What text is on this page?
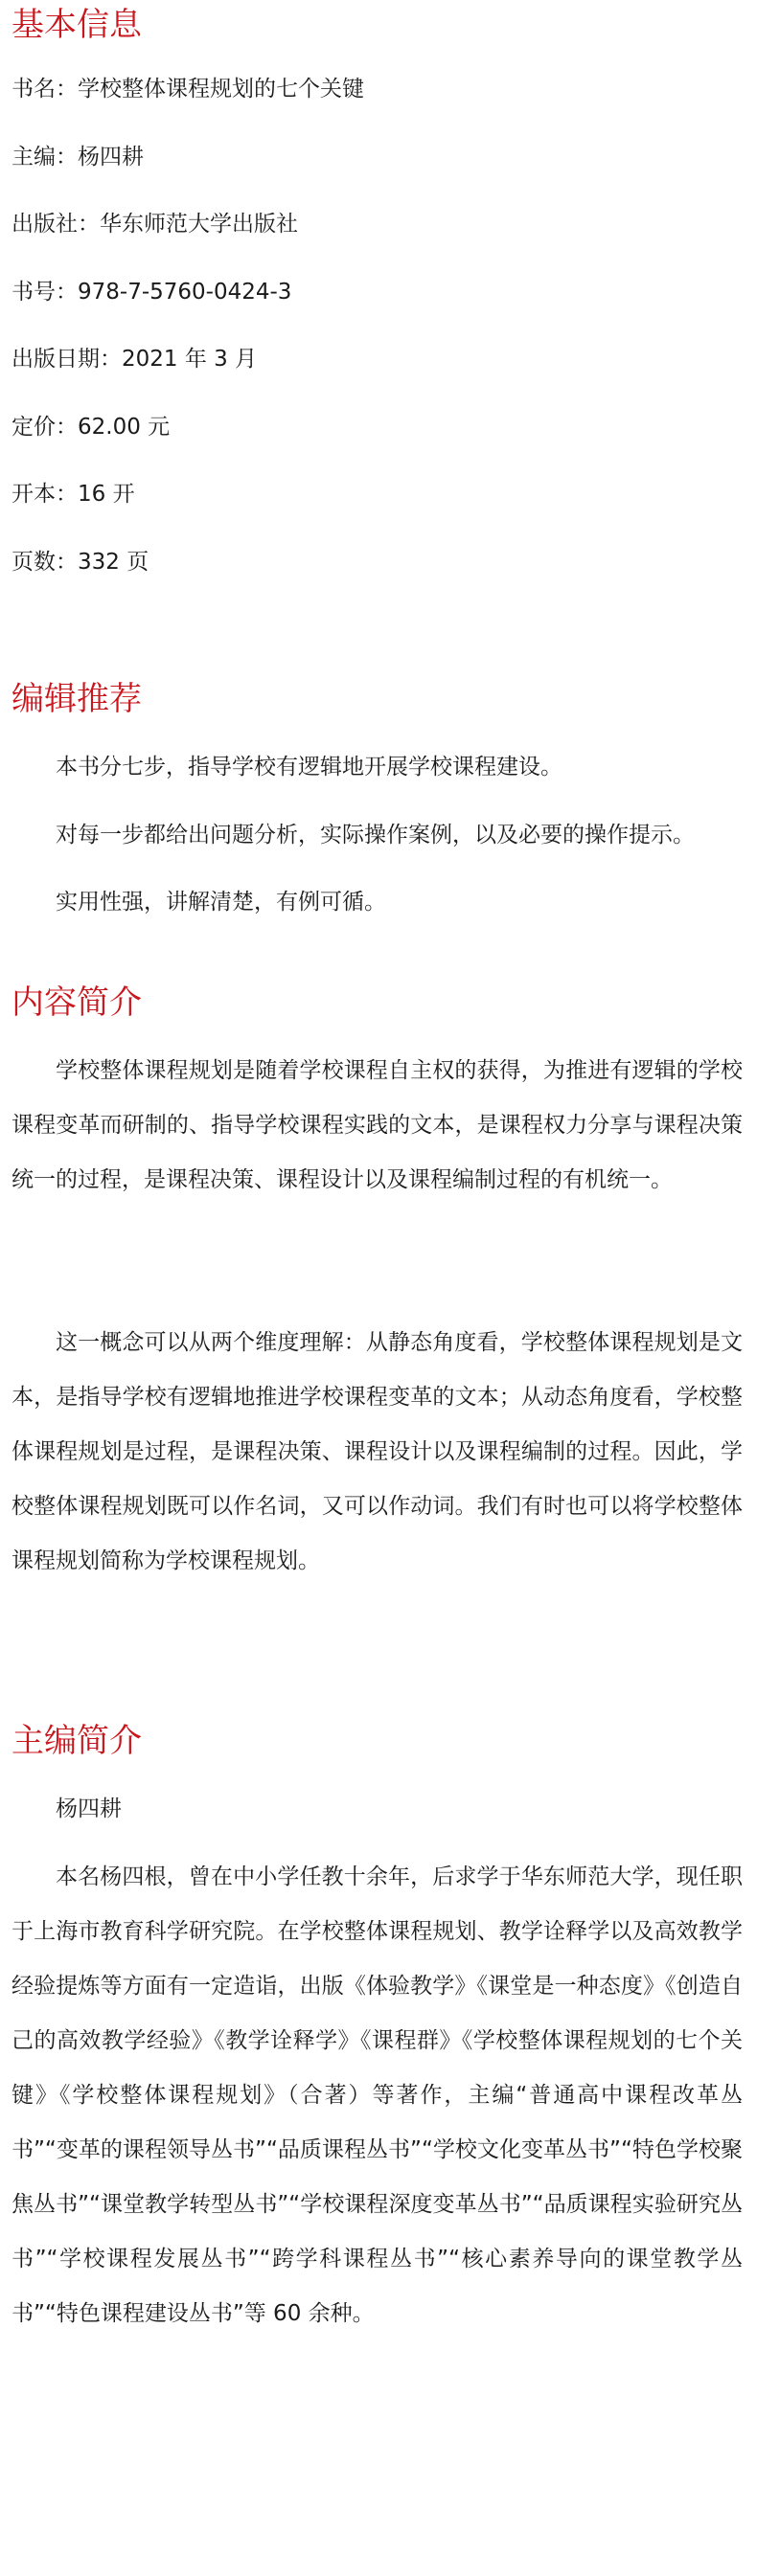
基本信息
书名：学校整体课程规划的七个关键
主编：杨四耕
出版社：华东师范大学出版社
书号：978-7-5760-0424-3
出版日期：2021 年 3 月
定价：62.00 元
开本：16 开
页数：332 页
编辑推荐

本书分七步，指导学校有逻辑地开展学校课程建设。

对每一步都给出问题分析，实际操作案例，以及必要的操作提示。

实用性强，讲解清楚，有例可循。

内容简介

学校整体课程规划是随着学校课程自主权的获得，为推进有逻辑的学校课程变革而研制的、指导学校课程实践的文本，是课程权力分享与课程决策统一的过程，是课程决策、课程设计以及课程编制过程的有机统一。

这一概念可以从两个维度理解：从静态角度看，学校整体课程规划是文本，是指导学校有逻辑地推进学校课程变革的文本；从动态角度看，学校整体课程规划是过程，是课程决策、课程设计以及课程编制的过程。因此，学校整体课程规划既可以作名词，又可以作动词。我们有时也可以将学校整体课程规划简称为学校课程规划。

主编简介

杨四耕

本名杨四根，曾在中小学任教十余年，后求学于华东师范大学，现任职于上海市教育科学研究院。在学校整体课程规划、教学诠释学以及高效教学经验提炼等方面有一定造诣，出版《体验教学》《课堂是一种态度》《创造自己的高效教学经验》《教学诠释学》《课程群》《学校整体课程规划的七个关键》《学校整体课程规划》（合著）等著作，主编“普通高中课程改革丛书”“变革的课程领导丛书”“品质课程丛书”“学校文化变革丛书”“特色学校聚焦丛书”“课堂教学转型丛书”“学校课程深度变革丛书”“品质课程实验研究丛书”“学校课程发展丛书”“跨学科课程丛书”“核心素养导向的课堂教学丛书”“特色课程建设丛书”等 60 余种。
